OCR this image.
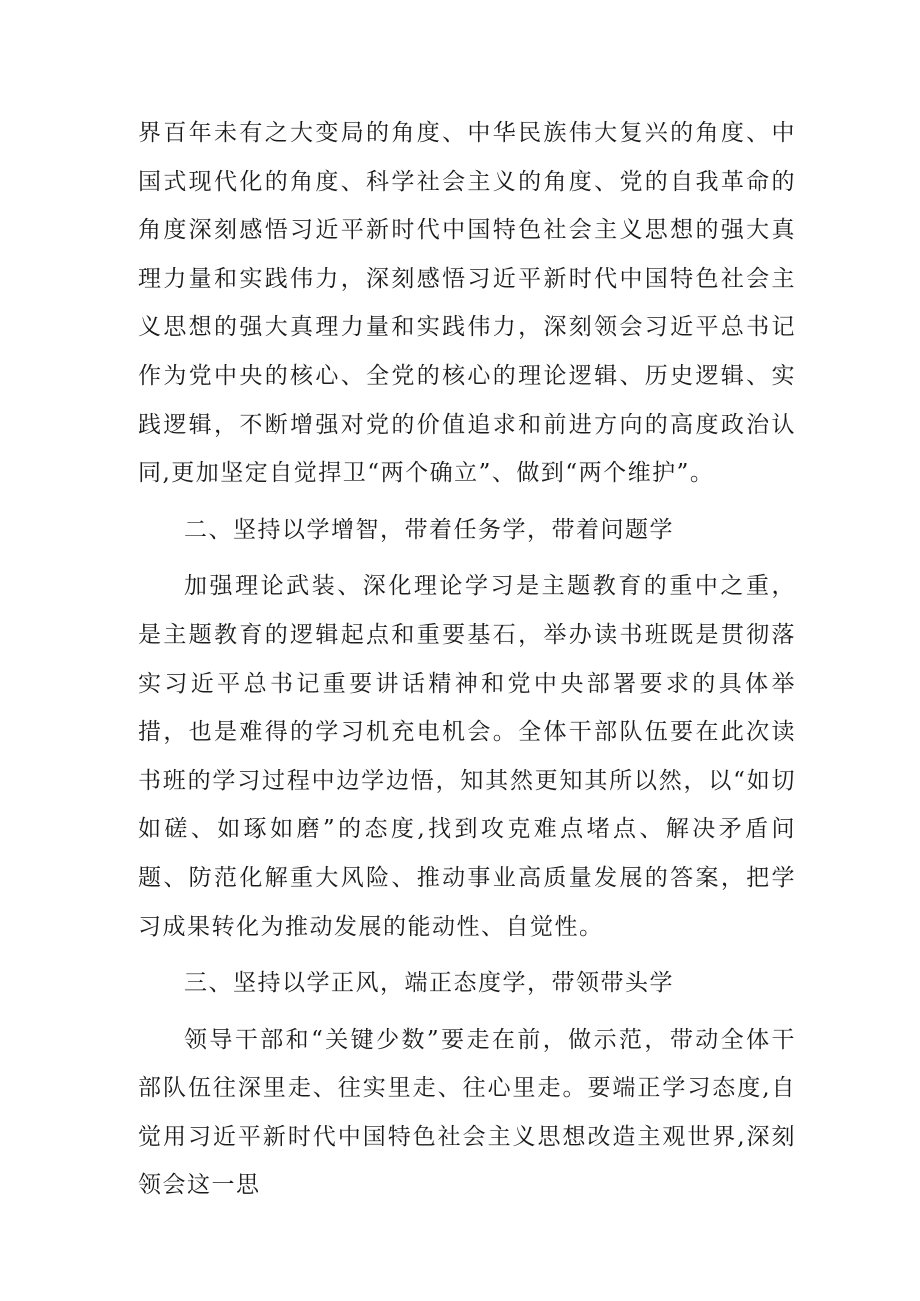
界百年未有之大变局的角度、中华民族伟大复兴的角度、中国式现代化的角度、科学社会主义的角度、党的自我革命的角度深刻感悟习近平新时代中国特色社会主义思想的强大真理力量和实践伟力，深刻感悟习近平新时代中国特色社会主义思想的强大真理力量和实践伟力，深刻领会习近平总书记作为党中央的核心、全党的核心的理论逻辑、历史逻辑、实践逻辑，不断增强对党的价值追求和前进方向的高度政治认同,更加坚定自觉捍卫“两个确立”、做到“两个维护”。

二、坚持以学增智，带着任务学，带着问题学

加强理论武装、深化理论学习是主题教育的重中之重，是主题教育的逻辑起点和重要基石，举办读书班既是贯彻落实习近平总书记重要讲话精神和党中央部署要求的具体举措，也是难得的学习机充电机会。全体干部队伍要在此次读书班的学习过程中边学边悟，知其然更知其所以然，以“如切如磋、如琢如磨”的态度,找到攻克难点堵点、解决矛盾问题、防范化解重大风险、推动事业高质量发展的答案，把学习成果转化为推动发展的能动性、自觉性。

三、坚持以学正风，端正态度学，带领带头学

领导干部和“关键少数”要走在前，做示范，带动全体干部队伍往深里走、往实里走、往心里走。要端正学习态度,自觉用习近平新时代中国特色社会主义思想改造主观世界,深刻领会这一思
